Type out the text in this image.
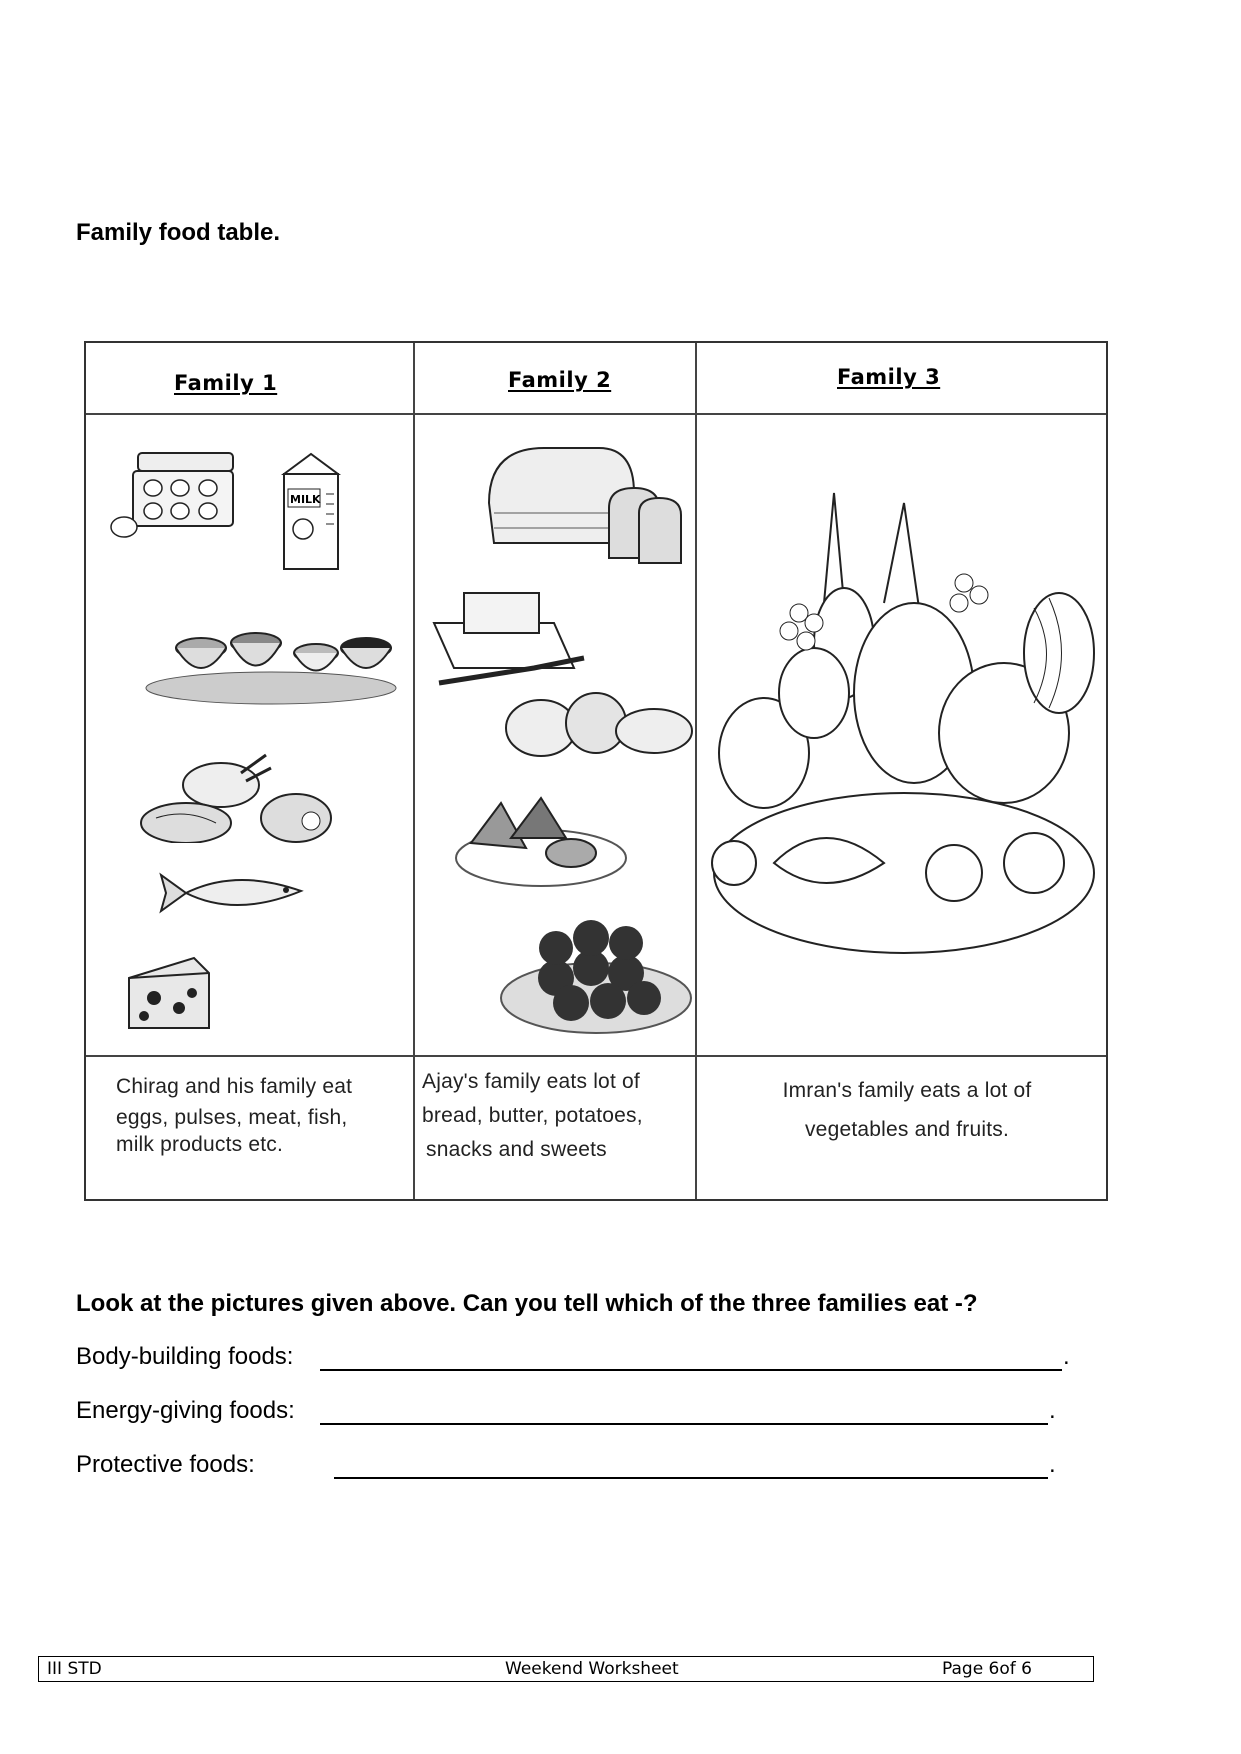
Family food table.
Family 1	Family 2	Family 3
MILK
Chirag and his family eat
eggs, pulses, meat, fish,
milk products etc.
Ajay's family eats lot of
bread, butter, potatoes,
snacks and sweets
Imran's family eats a lot of
vegetables and fruits.
Look at the pictures given above. Can you tell which of the three families eat -?
Body-building foods:	.
Energy-giving foods:	.
Protective foods:	.
III STD	Weekend Worksheet	Page 6of 6
